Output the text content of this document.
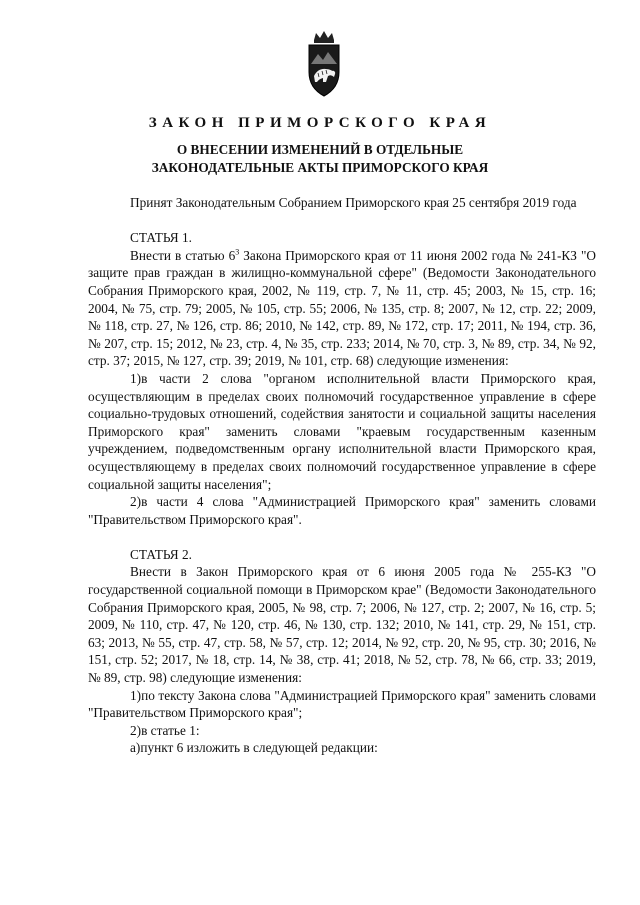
ЗАКОН ПРИМОРСКОГО КРАЯ
О ВНЕСЕНИИ ИЗМЕНЕНИЙ В ОТДЕЛЬНЫЕ
ЗАКОНОДАТЕЛЬНЫЕ АКТЫ ПРИМОРСКОГО КРАЯ

Принят Законодательным Собранием Приморского края 25 сентября 2019 года

СТАТЬЯ 1.

Внести в статью $6^3$ Закона Приморского края от 11 июня 2002 года № 241-КЗ "О защите прав граждан в жилищно-коммунальной сфере" (Ведомости Законодательного Собрания Приморского края, 2002, № 119, стр. 7, № 11, стр. 45; 2003, № 15, стр. 16; 2004, № 75, стр. 79; 2005, № 105, стр. 55; 2006, № 135, стр. 8; 2007, № 12, стр. 22; 2009, № 118, стр. 27, № 126, стр. 86; 2010, № 142, стр. 89, № 172, стр. 17; 2011, № 194, стр. 36, № 207, стр. 15; 2012, № 23, стр. 4, № 35, стр. 233; 2014, № 70, стр. 3, № 89, стр. 34, № 92, стр. 37; 2015, № 127, стр. 39; 2019, № 101, стр. 68) следующие изменения:

1)в части 2 слова "органом исполнительной власти Приморского края, осуществляющим в пределах своих полномочий государственное управление в сфере социально-трудовых отношений, содействия занятости и социальной защиты населения Приморского края" заменить словами "краевым государственным казенным учреждением, подведомственным органу исполнительной власти Приморского края, осуществляющему в пределах своих полномочий государственное управление в сфере социальной защиты населения";

2)в части 4 слова "Администрацией Приморского края" заменить словами "Правительством Приморского края".

СТАТЬЯ 2.

Внести в Закон Приморского края от 6 июня 2005 года № 255-КЗ "О государственной социальной помощи в Приморском крае" (Ведомости Законодательного Собрания Приморского края, 2005, № 98, стр. 7; 2006, № 127, стр. 2; 2007, № 16, стр. 5; 2009, № 110, стр. 47, № 120, стр. 46, № 130, стр. 132; 2010, № 141, стр. 29, № 151, стр. 63; 2013, № 55, стр. 47, стр. 58, № 57, стр. 12; 2014, № 92, стр. 20, № 95, стр. 30; 2016, № 151, стр. 52; 2017, № 18, стр. 14, № 38, стр. 41; 2018, № 52, стр. 78, № 66, стр. 33; 2019, № 89, стр. 98) следующие изменения:

1)по тексту Закона слова "Администрацией Приморского края" заменить словами "Правительством Приморского края";

2)в статье 1:

а)пункт 6 изложить в следующей редакции:
